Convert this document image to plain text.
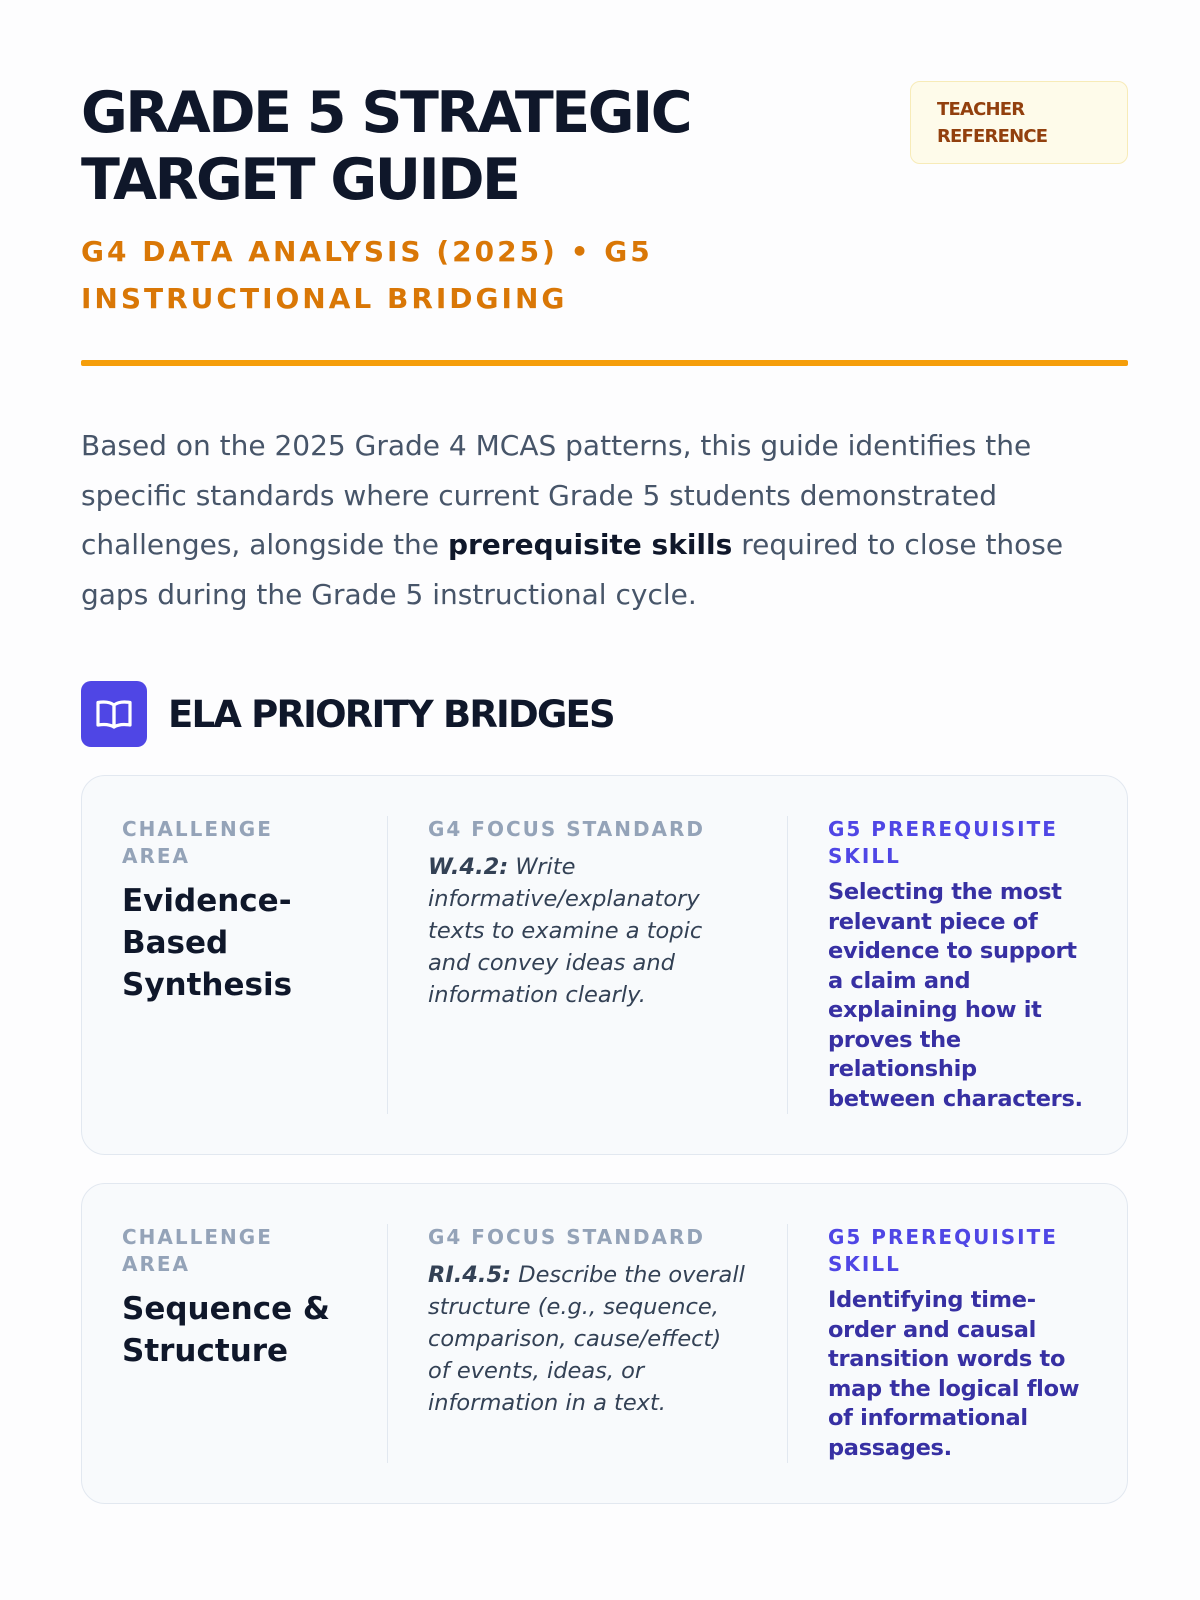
GRADE 5 STRATEGIC TARGET GUIDE
G4 DATA ANALYSIS (2025) • G5 INSTRUCTIONAL BRIDGING
TEACHER REFERENCE

Based on the 2025 Grade 4 MCAS patterns, this guide identifies the specific standards where current Grade 5 students demonstrated challenges, alongside the prerequisite skills required to close those gaps during the Grade 5 instructional cycle.

ELA PRIORITY BRIDGES
CHALLENGE AREA
Evidence-Based Synthesis
G4 FOCUS STANDARD
W.4.2: Write informative/explanatory texts to examine a topic and convey ideas and information clearly.
G5 PREREQUISITE SKILL
Selecting the most relevant piece of evidence to support a claim and explaining how it proves the relationship between characters.
CHALLENGE AREA
Sequence & Structure
G4 FOCUS STANDARD
RI.4.5: Describe the overall structure (e.g., sequence, comparison, cause/effect) of events, ideas, or information in a text.
G5 PREREQUISITE SKILL
Identifying time-order and causal transition words to map the logical flow of informational passages.
